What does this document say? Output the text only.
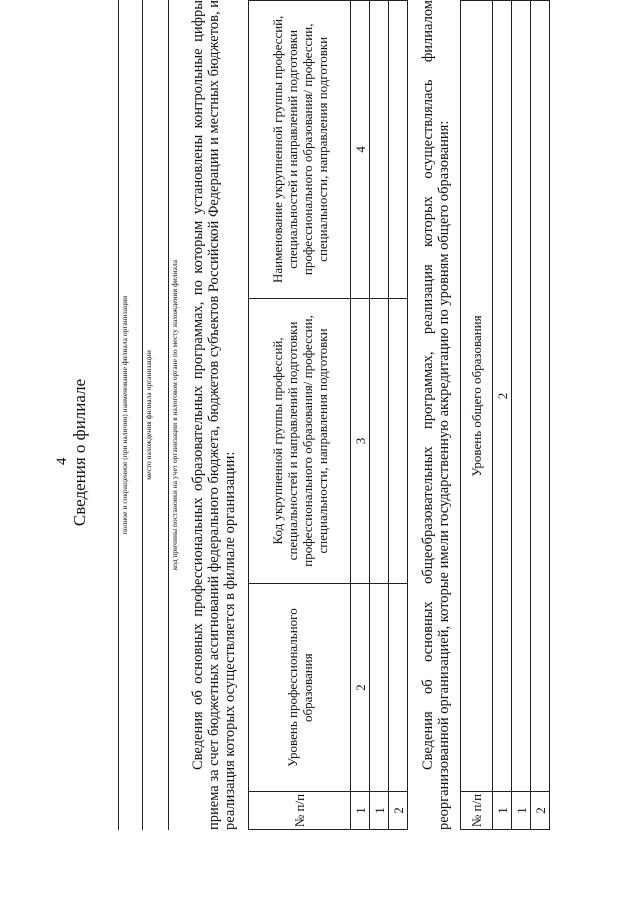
4 Сведения о филиале	полное и сокращенное (при наличии) наименование филиала организации место нахождения филиала организации код причины постановки на учет организации в налоговом органе по месту нахождения филиала Сведения об основных профессиональных образовательных программах, по которым установлены контрольные цифры приема за счет бюджетных ассигнований федерального бюджета, бюджетов субъектов Российской Федерации и местных бюджетов, и реализация которых осуществляется в филиале организации:	№ п/п	Уровень профессионального образования	Код укрупненной группы профессий, специальностей и направлений подготовки профессионального образования/ профессии, специальности, направления подготовки	Наименование укрупненной группы профессий, специальностей и направлений подготовки профессионального образования/ профессии, специальности, направления подготовки
1	2	3	4
1			
2			
Сведения об основных общеобразовательных программах, реализация которых осуществлялась филиалом реорганизованной организацией, которые имели государственную аккредитацию по уровням общего образования: № п/п	Уровень общего образования
1	2
1	
2	
